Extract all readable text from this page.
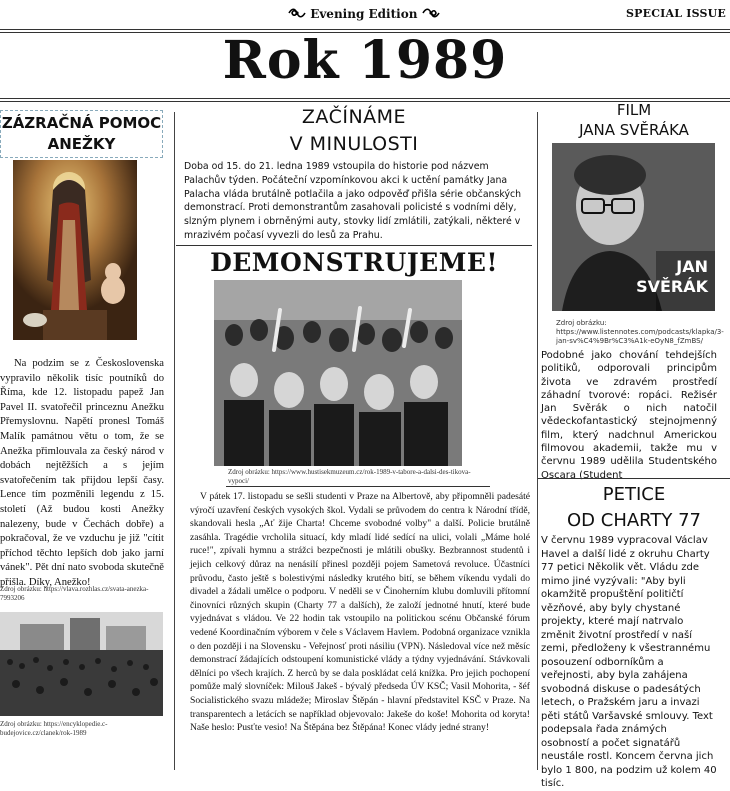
Evening Edition	SPECIAL ISSUE
Rok 1989
ZÁZRAČNÁ POMOC
ANEŽKY
Na podzim se z Československa vypravilo několik tisíc poutníků do Říma, kde 12. listopadu papež Jan Pavel II. svatořečil princeznu Anežku Přemyslovnu. Napětí pronesl Tomáš Malík památnou větu o tom, že se Anežka přimlouvala za český národ v dobách nejtěžších a s jejím svatořečením tak přijdou lepší časy. Lence tím pozměnili legendu z 15. století (Až budou kosti Anežky nalezeny, bude v Čechách dobře) a pokračoval, že ve vzduchu je již "cítit příchod těchto lepších dob jako jarní vánek". Pět dní nato svoboda skutečně přišla. Díky, Anežko!
Zdroj obrázku: https://vlava.rozhlas.cz/svata-anezka-7993206
Zdroj obrázku: https://encyklopedie.c-budejovice.cz/clanek/rok-1989
ZAČÍNÁME
V MINULOSTI
Doba od 15. do 21. ledna 1989 vstoupila do historie pod názvem Palachův týden. Počáteční vzpomínkovou akci k uctění památky Jana Palacha vláda brutálně potlačila a jako odpověď přišla série občanských demonstrací. Proti demonstrantům zasahovali policisté s vodními děly, slzným plynem i obrněnými auty, stovky lidí zmlátili, zatýkali, některé v mrazivém počasí vyvezli do lesů za Prahu.
DEMONSTRUJEME!
Zdroj obrázku: https://www.hustisekmuzeum.cz/rok-1989-v-tabore-a-dalsi-des-tikova-vypoci/
V pátek 17. listopadu se sešli studenti v Praze na Albertově, aby připomněli padesáté výročí uzavření českých vysokých škol. Vydali se průvodem do centra k Národní třídě, skandovali hesla „Ať žije Charta! Chceme svobodné volby" a další. Policie brutálně zasáhla. Tragédie vrcholila situací, kdy mladí lidé sedící na ulici, volali „Máme holé ruce!", zpívali hymnu a strážci bezpečnosti je mlátili obušky. Bezbrannost studentů i jejich celkový důraz na nenásilí přinesl později pojem Sametová revoluce. Účastníci průvodu, často ještě s bolestivými následky krutého bití, se během víkendu vydali do divadel a žádali umělce o podporu. V neděli se v Činoherním klubu domluvili přítomní činovníci různých skupin (Charty 77 a dalších), že založí jednotné hnutí, které bude vyjednávat s vládou. Ve 22 hodin tak vstoupilo na politickou scénu Občanské fórum vedené Koordinačním výborem v čele s Václavem Havlem. Podobná organizace vznikla o den později i na Slovensku - Veřejnosť proti násiliu (VPN). Následoval více než měsíc demonstrací žádajících odstoupení komunistické vlády a týdny vyjednávání. Stávkovali dělníci po všech krajích. Z herců by se dala poskládat celá knížka. Pro jejich pochopení pomůže malý slovníček: Milouš Jakeš - bývalý předseda ÚV KSČ; Vasil Mohorita, - šéf Socialistického svazu mládeže; Miroslav Štěpán - hlavní představitel KSČ v Praze. Na transparentech a letácích se například objevovalo: Jakeše do koše! Mohorita od koryta! Naše heslo: Pusťte vesio! Na Štěpána bez Štěpána! Konec vlády jedné strany!
FILM
JANA SVĚRÁKA
JAN
SVĚRÁK
Zdroj obrázku: https://www.listennotes.com/podcasts/klapka/3-jan-sv%C4%9Br%C3%A1k-eOyN8_fZmBS/
Podobné jako chování tehdejších politiků, odporovali principům života ve zdravém prostředí záhadní tvorové: ropáci. Režisér Jan Svěrák o nich natočil vědeckofantastický stejnojmenný film, který nadchnul Americkou filmovou akademii, takže mu v červnu 1989 udělila Studentského Oscara (Student
PETICE
OD CHARTY 77
V červnu 1989 vypracoval Václav Havel a další lidé z okruhu Charty 77 petici Několik vět. Vládu zde mimo jiné vyzývali: "Aby byli okamžitě propuštění političtí vězňové, aby byly chystané projekty, které mají natrvalo změnit životní prostředí v naší zemi, předloženy k všestrannému posouzení odborníkům a veřejnosti, aby byla zahájena svobodná diskuse o padesátých letech, o Pražském jaru a invazi pěti států Varšavské smlouvy. Text podepsala řada známých osobností a počet signatářů neustále rostl. Koncem června jich bylo 1 800, na podzim už kolem 40 tisíc.
